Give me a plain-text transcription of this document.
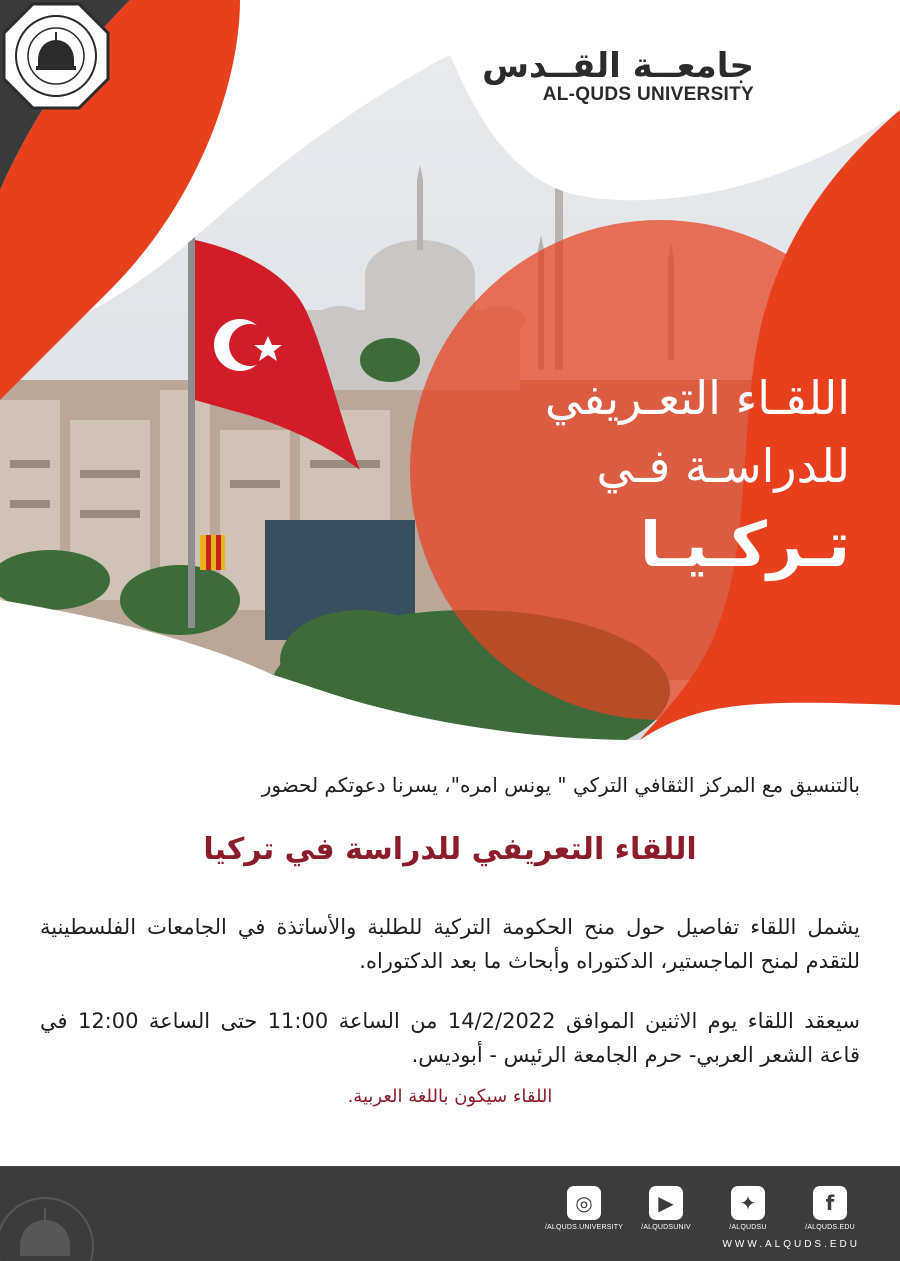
جامعــة القــدس
AL-QUDS UNIVERSITY
اللقـاء التعـريفي
للدراسـة فـي
تـركـيـا

بالتنسيق مع المركز الثقافي التركي " يونس امره"، يسرنا دعوتكم لحضور

اللقاء التعريفي للدراسة في تركيا

يشمل اللقاء تفاصيل حول منح الحكومة التركية للطلبة والأساتذة في الجامعات الفلسطينية للتقدم لمنح الماجستير، الدكتوراه وأبحاث ما بعد الدكتوراه.

سيعقد اللقاء يوم الاثنين الموافق 14/2/2022 من الساعة 11:00 حتى الساعة 12:00 في قاعة الشعر العربي- حرم الجامعة الرئيس - أبوديس.

اللقاء سيكون باللغة العربية.

◎
/ALQUDS.UNIVERSITY
▶
/ALQUDSUNIV
✦
/ALQUDSU
f
/ALQUDS.EDU
WWW.ALQUDS.EDU
